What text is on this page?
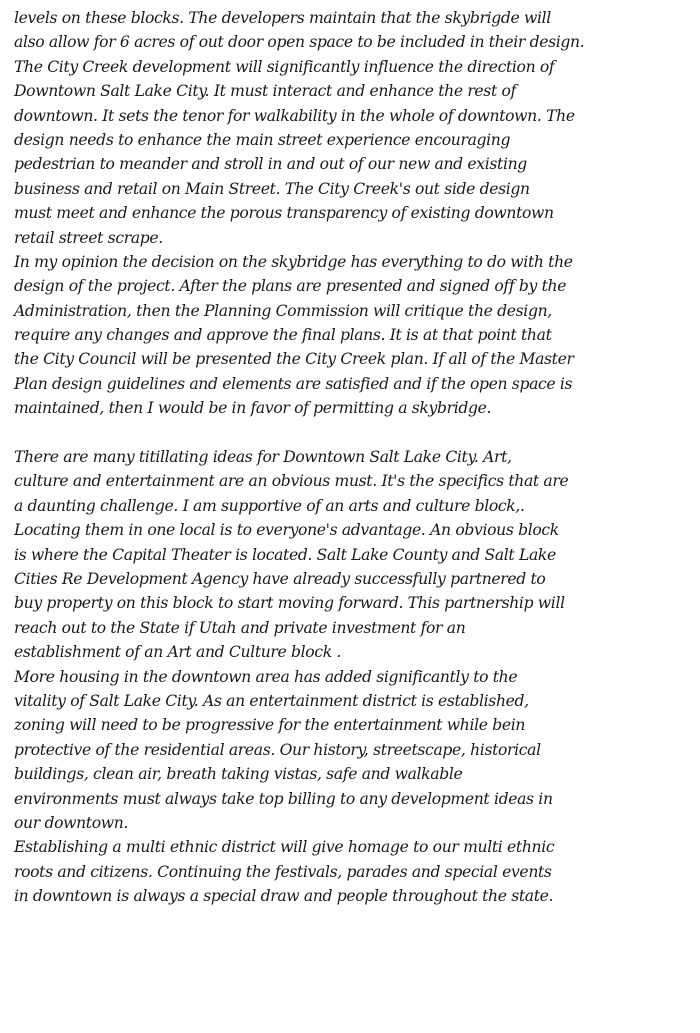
levels on these blocks. The developers maintain that the skybrigde will
also allow for 6 acres of out door open space to be included in their design.
The City Creek development will significantly influence the direction of
Downtown Salt Lake City. It must interact and enhance the rest of
downtown. It sets the tenor for walkability in the whole of downtown. The
design needs to enhance the main street experience encouraging
pedestrian to meander and stroll in and out of our new and existing
business and retail on Main Street. The City Creek's out side design
must meet and enhance the porous transparency of existing downtown
retail street scrape.
In my opinion the decision on the skybridge has everything to do with the
design of the project. After the plans are presented and signed off by the
Administration, then the Planning Commission will critique the design,
require any changes and approve the final plans. It is at that point that
the City Council will be presented the City Creek plan. If all of the Master
Plan design guidelines and elements are satisfied and if the open space is
maintained, then I would be in favor of permitting a skybridge.
There are many titillating ideas for Downtown Salt Lake City. Art,
culture and entertainment are an obvious must. It's the specifics that are
a daunting challenge. I am supportive of an arts and culture block,.
Locating them in one local is to everyone's advantage. An obvious block
is where the Capital Theater is located. Salt Lake County and Salt Lake
Cities Re Development Agency have already successfully partnered to
buy property on this block to start moving forward. This partnership will
reach out to the State if Utah and private investment for an
establishment of an Art and Culture block .
More housing in the downtown area has added significantly to the
vitality of Salt Lake City. As an entertainment district is established,
zoning will need to be progressive for the entertainment while bein
protective of the residential areas. Our history, streetscape, historical
buildings, clean air, breath taking vistas, safe and walkable
environments must always take top billing to any development ideas in
our downtown.
Establishing a multi ethnic district will give homage to our multi ethnic
roots and citizens. Continuing the festivals, parades and special events
in downtown is always a special draw and people throughout the state.
